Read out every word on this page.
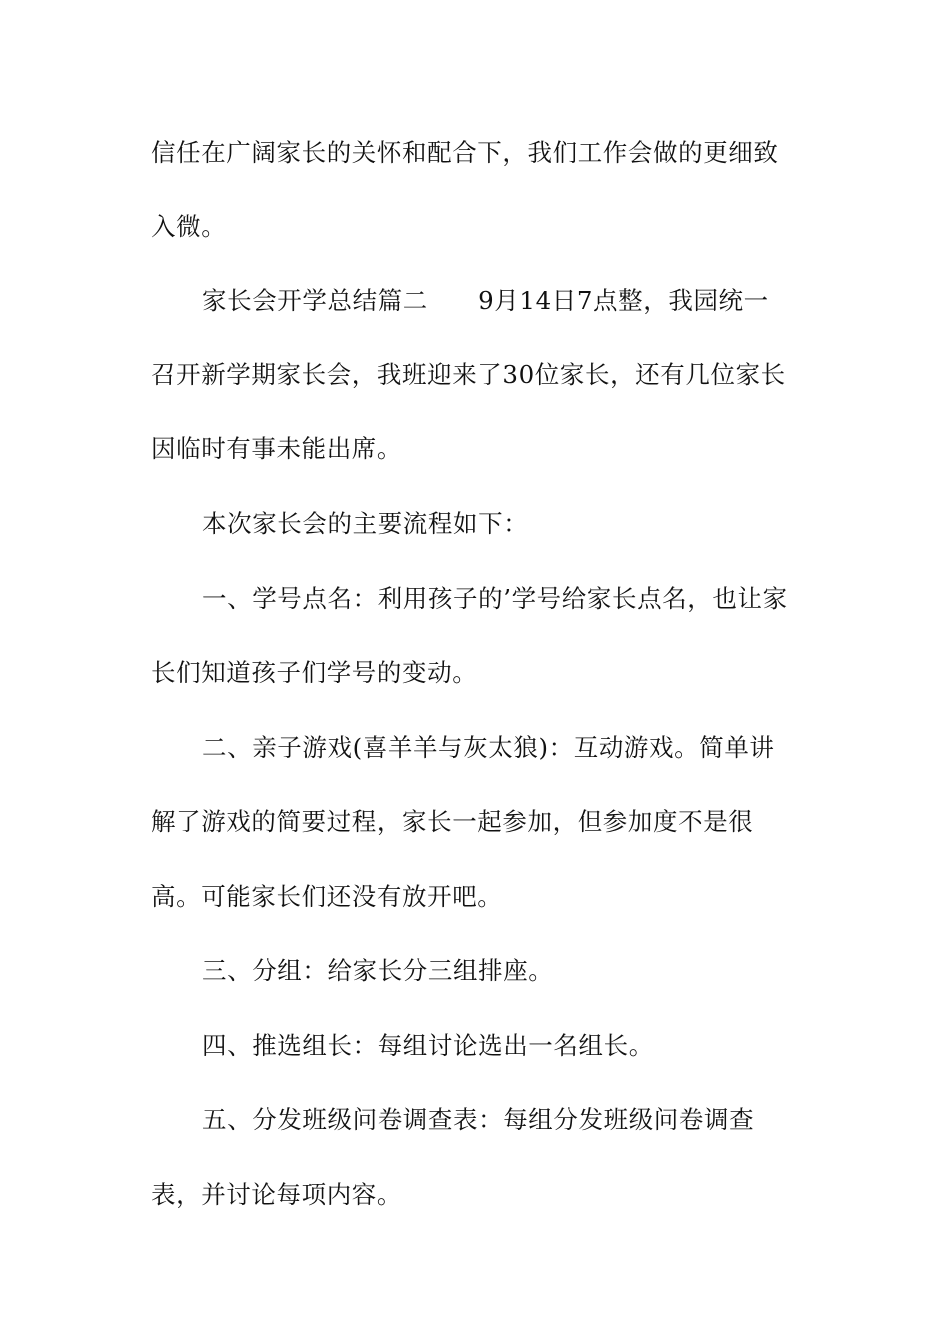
信任在广阔家长的关怀和配合下，我们工作会做的更细致
入微。
家长会开学总结篇二　　9月14日7点整，我园统一
召开新学期家长会，我班迎来了30位家长，还有几位家长
因临时有事未能出席。
本次家长会的主要流程如下：
一、学号点名：利用孩子的’学号给家长点名，也让家
长们知道孩子们学号的变动。
二、亲子游戏(喜羊羊与灰太狼)：互动游戏。简单讲
解了游戏的简要过程，家长一起参加，但参加度不是很
高。可能家长们还没有放开吧。
三、分组：给家长分三组排座。
四、推选组长：每组讨论选出一名组长。
五、分发班级问卷调查表：每组分发班级问卷调查
表，并讨论每项内容。
